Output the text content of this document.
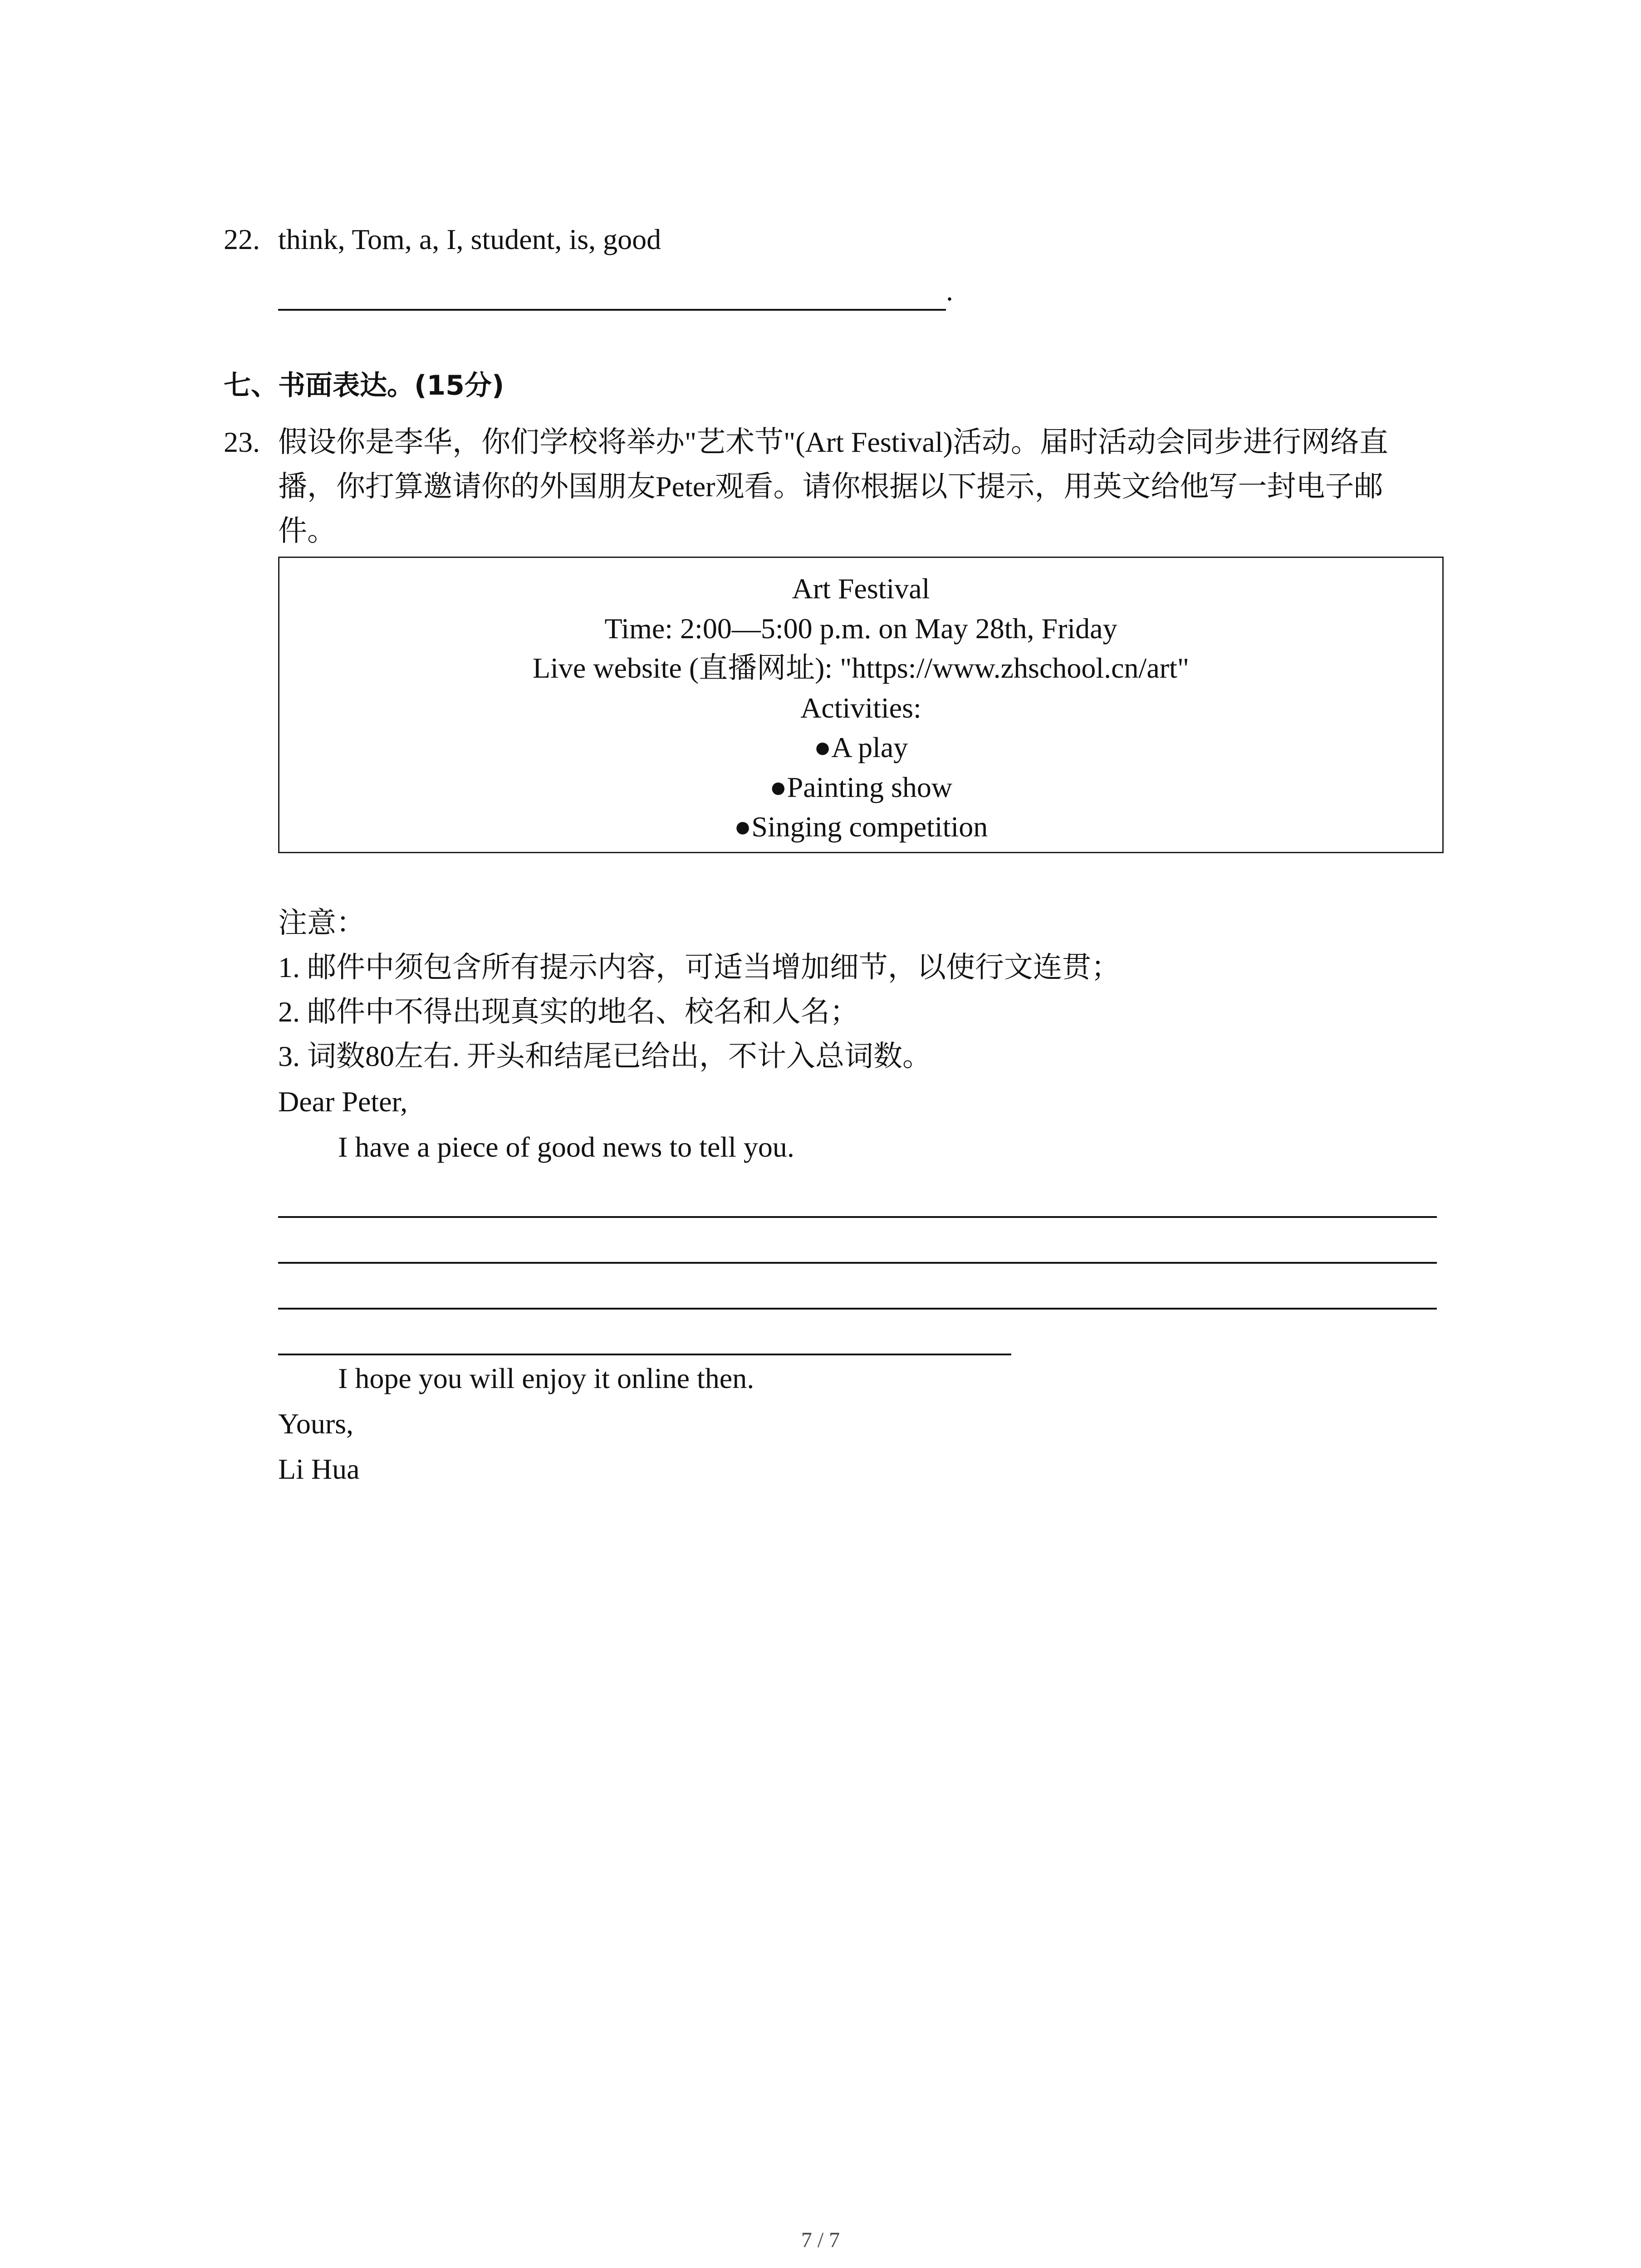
22. think, Tom, a, I, student, is, good
.
七、书面表达。(15分)
23. 假设你是李华，你们学校将举办"艺术节"(Art Festival)活动。届时活动会同步进行网络直
播，你打算邀请你的外国朋友Peter观看。请你根据以下提示，用英文给他写一封电子邮
件。
Art Festival
Time: 2:00—5:00 p.m. on May 28th, Friday
Live website (直播网址): "https://www.zhschool.cn/art"
Activities:
●A play
●Painting show
●Singing competition
注意：
1. 邮件中须包含所有提示内容，可适当增加细节，以使行文连贯；
2. 邮件中不得出现真实的地名、校名和人名；
3. 词数80左右. 开头和结尾已给出，不计入总词数。
Dear Peter,
I have a piece of good news to tell you.
I hope you will enjoy it online then.
Yours,
Li Hua
7 / 7
